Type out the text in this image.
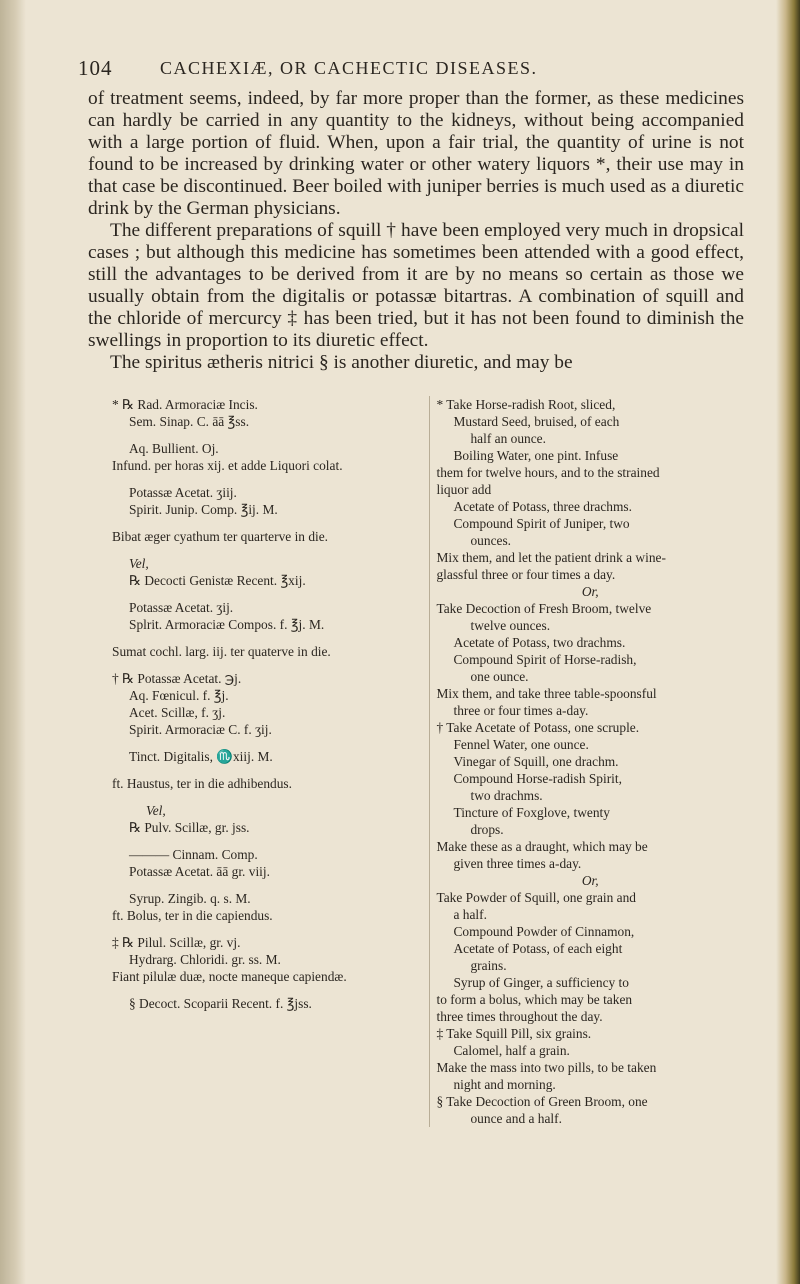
104	CACHEXIÆ, OR CACHECTIC DISEASES.

of treatment seems, indeed, by far more proper than the former, as these medicines can hardly be carried in any quantity to the kidneys, without being accompanied with a large portion of fluid. When, upon a fair trial, the quantity of urine is not found to be increased by drinking water or other watery liquors *, their use may in that case be discontinued. Beer boiled with juniper berries is much used as a diuretic drink by the German physicians.

The different preparations of squill † have been employed very much in dropsical cases ; but although this medicine has sometimes been attended with a good effect, still the advantages to be derived from it are by no means so certain as those we usually obtain from the digitalis or potassæ bitartras. A combination of squill and the chloride of mercurcy ‡ has been tried, but it has not been found to diminish the swellings in proportion to its diuretic effect.

The spiritus ætheris nitrici § is another diuretic, and may be

* ℞ Rad. Armoraciæ Incis.
Sem. Sinap. C. āā ℥ss.
Aq. Bullient. Oj.
Infund. per horas xij. et adde Liquori colat.
Potassæ Acetat. ʒiij.
Spirit. Junip. Comp. ℥ij. M.
Bibat æger cyathum ter quarterve in die.
Vel,
℞ Decocti Genistæ Recent. ℥xij.
Potassæ Acetat. ʒij.
Splrit. Armoraciæ Compos. f. ℥j. M.
Sumat cochl. larg. iij. ter quaterve in die.
† ℞ Potassæ Acetat. ℈j.
Aq. Fœnicul. f. ℥j.
Acet. Scillæ, f. ʒj.
Spirit. Armoraciæ C. f. ʒij.
Tinct. Digitalis, ♏xiij. M.
ft. Haustus, ter in die adhibendus.
Vel,
℞ Pulv. Scillæ, gr. jss.
——— Cinnam. Comp.
Potassæ Acetat. āā gr. viij.
Syrup. Zingib. q. s. M.
ft. Bolus, ter in die capiendus.
‡ ℞ Pilul. Scillæ, gr. vj.
Hydrarg. Chloridi. gr. ss. M.
Fiant pilulæ duæ, nocte maneque capiendæ.
§ Decoct. Scoparii Recent. f. ℥jss.
* Take Horse-radish Root, sliced,
Mustard Seed, bruised, of each
half an ounce.
Boiling Water, one pint. Infuse
them for twelve hours, and to the strained
liquor add
Acetate of Potass, three drachms.
Compound Spirit of Juniper, two
ounces.
Mix them, and let the patient drink a wine-
glassful three or four times a day.
Or,
Take Decoction of Fresh Broom, twelve
twelve ounces.
Acetate of Potass, two drachms.
Compound Spirit of Horse-radish,
one ounce.
Mix them, and take three table-spoonsful
three or four times a-day.
† Take Acetate of Potass, one scruple.
Fennel Water, one ounce.
Vinegar of Squill, one drachm.
Compound Horse-radish Spirit,
two drachms.
Tincture of Foxglove, twenty
drops.
Make these as a draught, which may be
given three times a-day.
Or,
Take Powder of Squill, one grain and
a half.
Compound Powder of Cinnamon,
Acetate of Potass, of each eight
grains.
Syrup of Ginger, a sufficiency to
to form a bolus, which may be taken
three times throughout the day.
‡ Take Squill Pill, six grains.
Calomel, half a grain.
Make the mass into two pills, to be taken
night and morning.
§ Take Decoction of Green Broom, one
ounce and a half.
